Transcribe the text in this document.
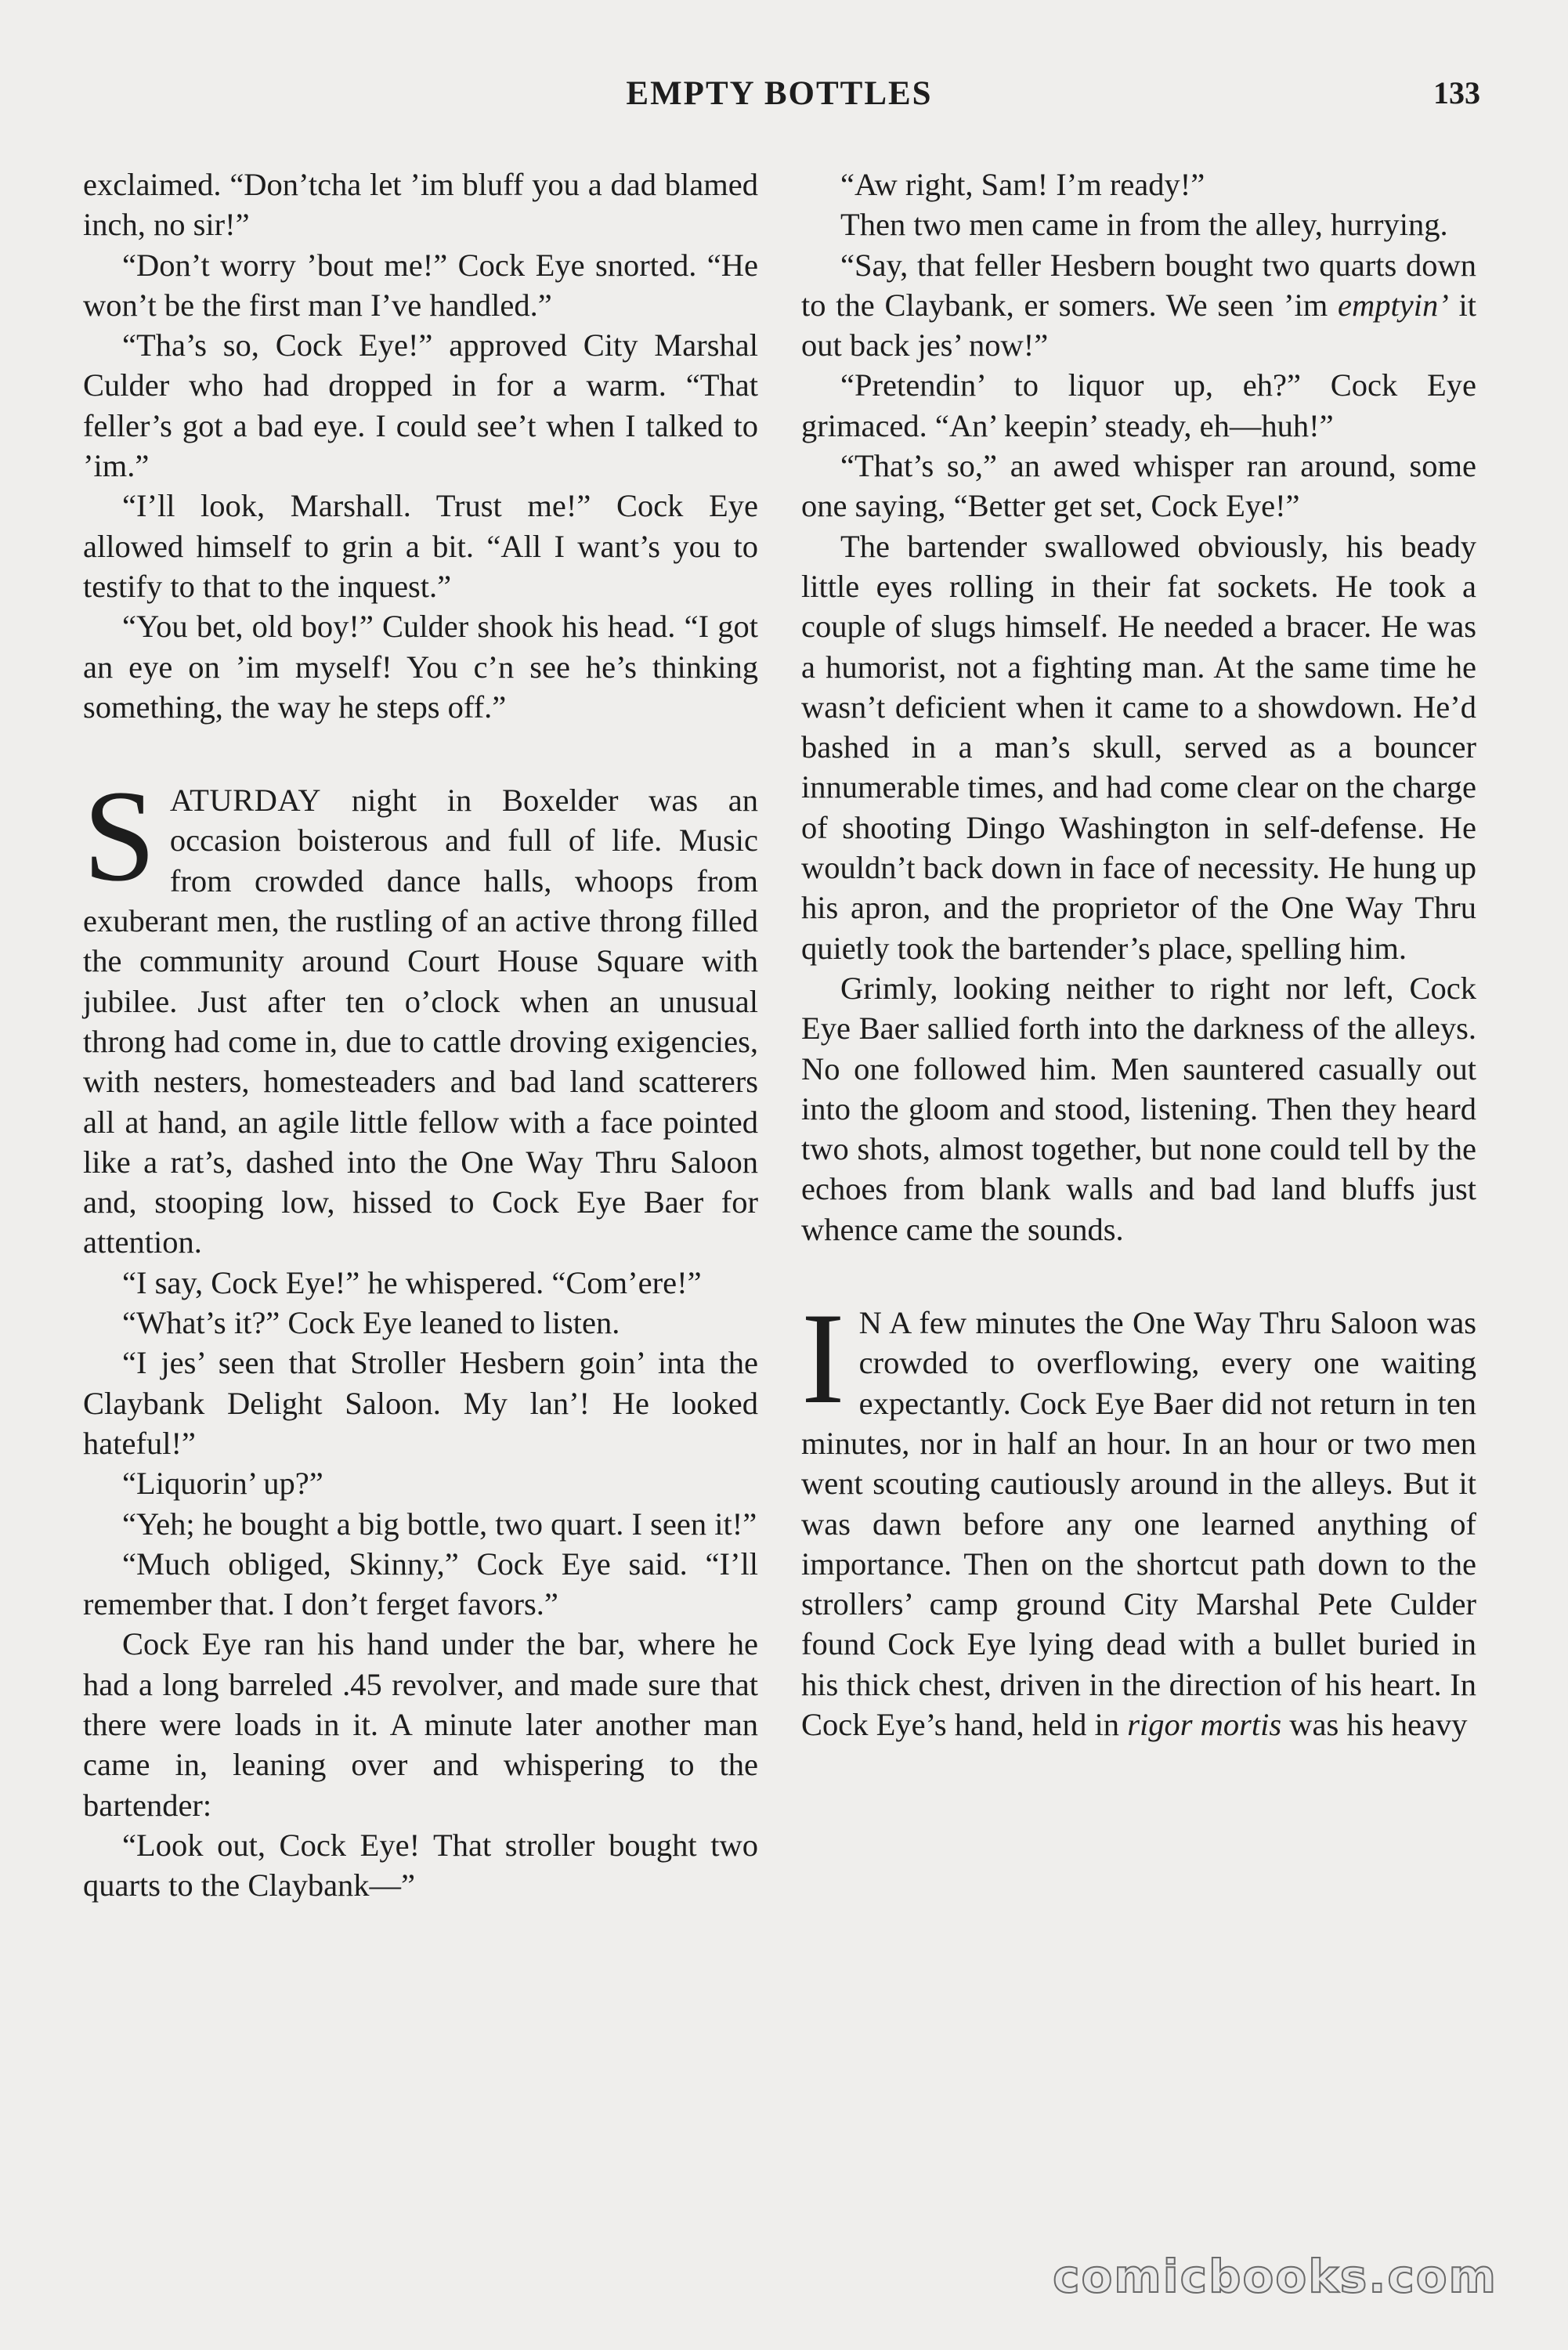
EMPTY BOTTLES	133

exclaimed. “Don’tcha let ’im bluff you a dad blamed inch, no sir!”

“Don’t worry ’bout me!” Cock Eye snorted. “He won’t be the first man I’ve handled.”

“Tha’s so, Cock Eye!” approved City Marshal Culder who had dropped in for a warm. “That feller’s got a bad eye. I could see’t when I talked to ’im.”

“I’ll look, Marshall. Trust me!” Cock Eye allowed himself to grin a bit. “All I want’s you to testify to that to the inquest.”

“You bet, old boy!” Culder shook his head. “I got an eye on ’im myself! You c’n see he’s thinking something, the way he steps off.”

SATURDAY night in Boxelder was an occasion boisterous and full of life. Music from crowded dance halls, whoops from exuberant men, the rustling of an active throng filled the community around Court House Square with jubilee. Just after ten o’clock when an unusual throng had come in, due to cattle droving exigencies, with nesters, homesteaders and bad land scatterers all at hand, an agile little fellow with a face pointed like a rat’s, dashed into the One Way Thru Saloon and, stooping low, hissed to Cock Eye Baer for attention.

“I say, Cock Eye!” he whispered. “Com’ere!”

“What’s it?” Cock Eye leaned to listen.

“I jes’ seen that Stroller Hesbern goin’ inta the Claybank Delight Saloon. My lan’! He looked hateful!”

“Liquorin’ up?”

“Yeh; he bought a big bottle, two quart. I seen it!”

“Much obliged, Skinny,” Cock Eye said. “I’ll remember that. I don’t ferget favors.”

Cock Eye ran his hand under the bar, where he had a long barreled .45 revolver, and made sure that there were loads in it. A minute later another man came in, leaning over and whispering to the bartender:

“Look out, Cock Eye! That stroller bought two quarts to the Claybank—”

“Aw right, Sam! I’m ready!”

Then two men came in from the alley, hurrying.

“Say, that feller Hesbern bought two quarts down to the Claybank, er somers. We seen ’im emptyin’ it out back jes’ now!”

“Pretendin’ to liquor up, eh?” Cock Eye grimaced. “An’ keepin’ steady, eh—huh!”

“That’s so,” an awed whisper ran around, some one saying, “Better get set, Cock Eye!”

The bartender swallowed obviously, his beady little eyes rolling in their fat sockets. He took a couple of slugs himself. He needed a bracer. He was a humorist, not a fighting man. At the same time he wasn’t deficient when it came to a showdown. He’d bashed in a man’s skull, served as a bouncer innumerable times, and had come clear on the charge of shooting Dingo Washington in self-defense. He wouldn’t back down in face of necessity. He hung up his apron, and the proprietor of the One Way Thru quietly took the bartender’s place, spelling him.

Grimly, looking neither to right nor left, Cock Eye Baer sallied forth into the darkness of the alleys. No one followed him. Men sauntered casually out into the gloom and stood, listening. Then they heard two shots, almost together, but none could tell by the echoes from blank walls and bad land bluffs just whence came the sounds.

I N A few minutes the One Way Thru Saloon was crowded to overflowing, every one waiting expectantly. Cock Eye Baer did not return in ten minutes, nor in half an hour. In an hour or two men went scouting cautiously around in the alleys. But it was dawn before any one learned anything of importance. Then on the shortcut path down to the strollers’ camp ground City Marshal Pete Culder found Cock Eye lying dead with a bullet buried in his thick chest, driven in the direction of his heart. In Cock Eye’s hand, held in rigor mortis was his heavy

comicbooks.com
